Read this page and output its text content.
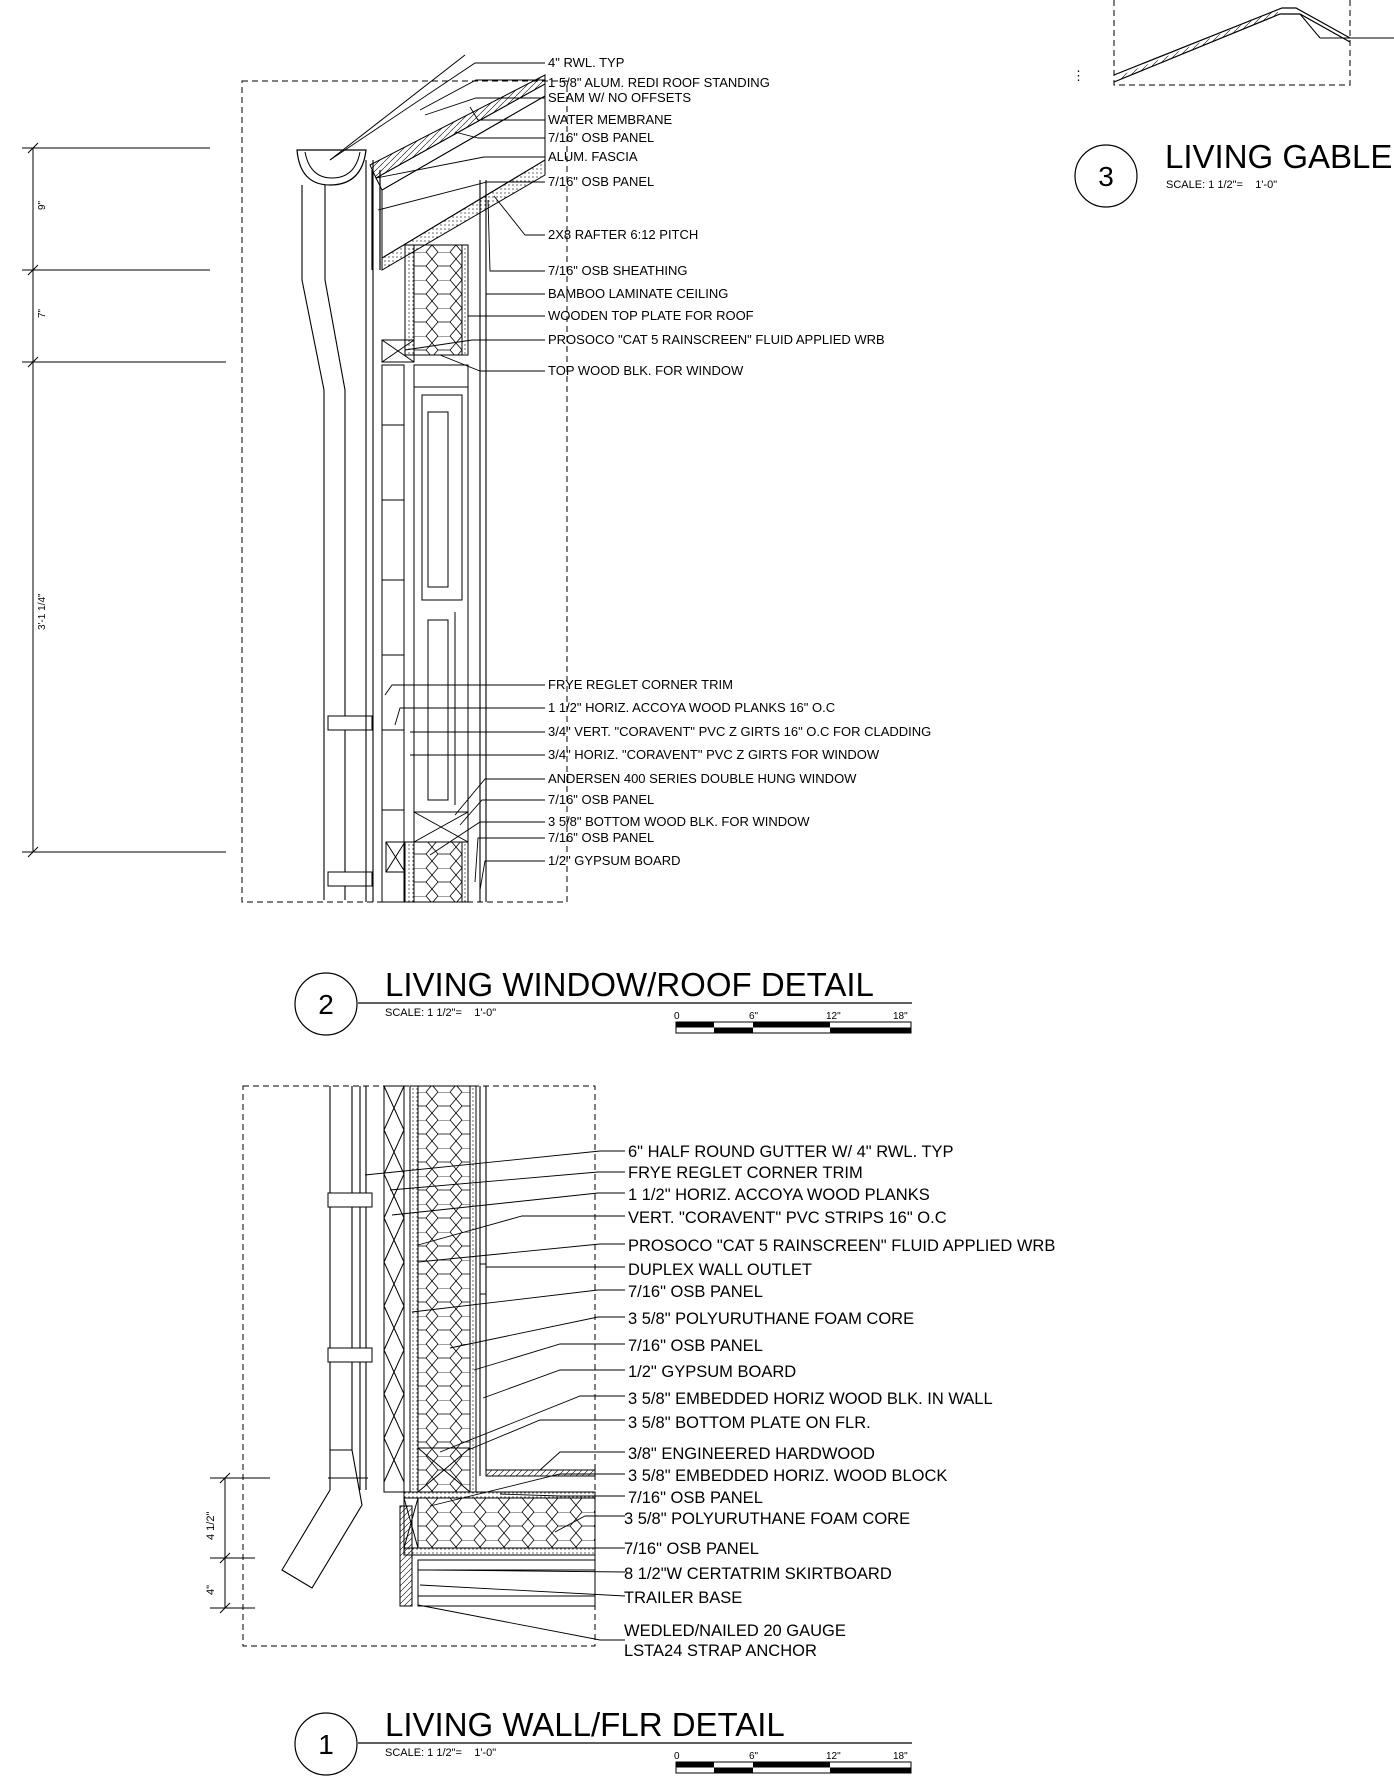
⋮
3
LIVING GABLE
SCALE: 1 1/2"=    1'-0"
9"
7"
3'-1 1/4"
4" RWL. TYP
1 5/8" ALUM. REDI ROOF STANDING
SEAM W/ NO OFFSETS
WATER MEMBRANE
7/16" OSB PANEL
ALUM. FASCIA
7/16" OSB PANEL
2X8 RAFTER 6:12 PITCH
7/16" OSB SHEATHING
BAMBOO LAMINATE CEILING
WOODEN TOP PLATE FOR ROOF
PROSOCO "CAT 5 RAINSCREEN" FLUID APPLIED WRB
TOP WOOD BLK. FOR WINDOW
FRYE REGLET CORNER TRIM
1 1/2" HORIZ. ACCOYA WOOD PLANKS 16" O.C
3/4" VERT. "CORAVENT" PVC Z GIRTS 16" O.C FOR CLADDING
3/4" HORIZ. "CORAVENT" PVC Z GIRTS FOR WINDOW
ANDERSEN 400 SERIES DOUBLE HUNG WINDOW
7/16" OSB PANEL
3 5/8" BOTTOM WOOD BLK. FOR WINDOW
7/16" OSB PANEL
1/2" GYPSUM BOARD
2
LIVING WINDOW/ROOF DETAIL
SCALE: 1 1/2"=    1'-0"	0	6"	12"	18"
4 1/2"
4"
6" HALF ROUND GUTTER W/ 4" RWL. TYP
FRYE REGLET CORNER TRIM
1 1/2" HORIZ. ACCOYA WOOD PLANKS
VERT. "CORAVENT" PVC STRIPS 16" O.C
PROSOCO "CAT 5 RAINSCREEN" FLUID APPLIED WRB
DUPLEX WALL OUTLET
7/16" OSB PANEL
3 5/8" POLYURUTHANE FOAM CORE
7/16" OSB PANEL
1/2" GYPSUM BOARD
3 5/8" EMBEDDED HORIZ WOOD BLK. IN WALL
3 5/8" BOTTOM PLATE ON FLR.
3/8" ENGINEERED HARDWOOD
3 5/8" EMBEDDED HORIZ. WOOD BLOCK
7/16" OSB PANEL
3 5/8" POLYURUTHANE FOAM CORE
7/16" OSB PANEL
8 1/2"W CERTATRIM SKIRTBOARD
TRAILER BASE
WEDLED/NAILED 20 GAUGE
LSTA24 STRAP ANCHOR
1
LIVING WALL/FLR DETAIL
SCALE: 1 1/2"=    1'-0"	0	6"	12"	18"
